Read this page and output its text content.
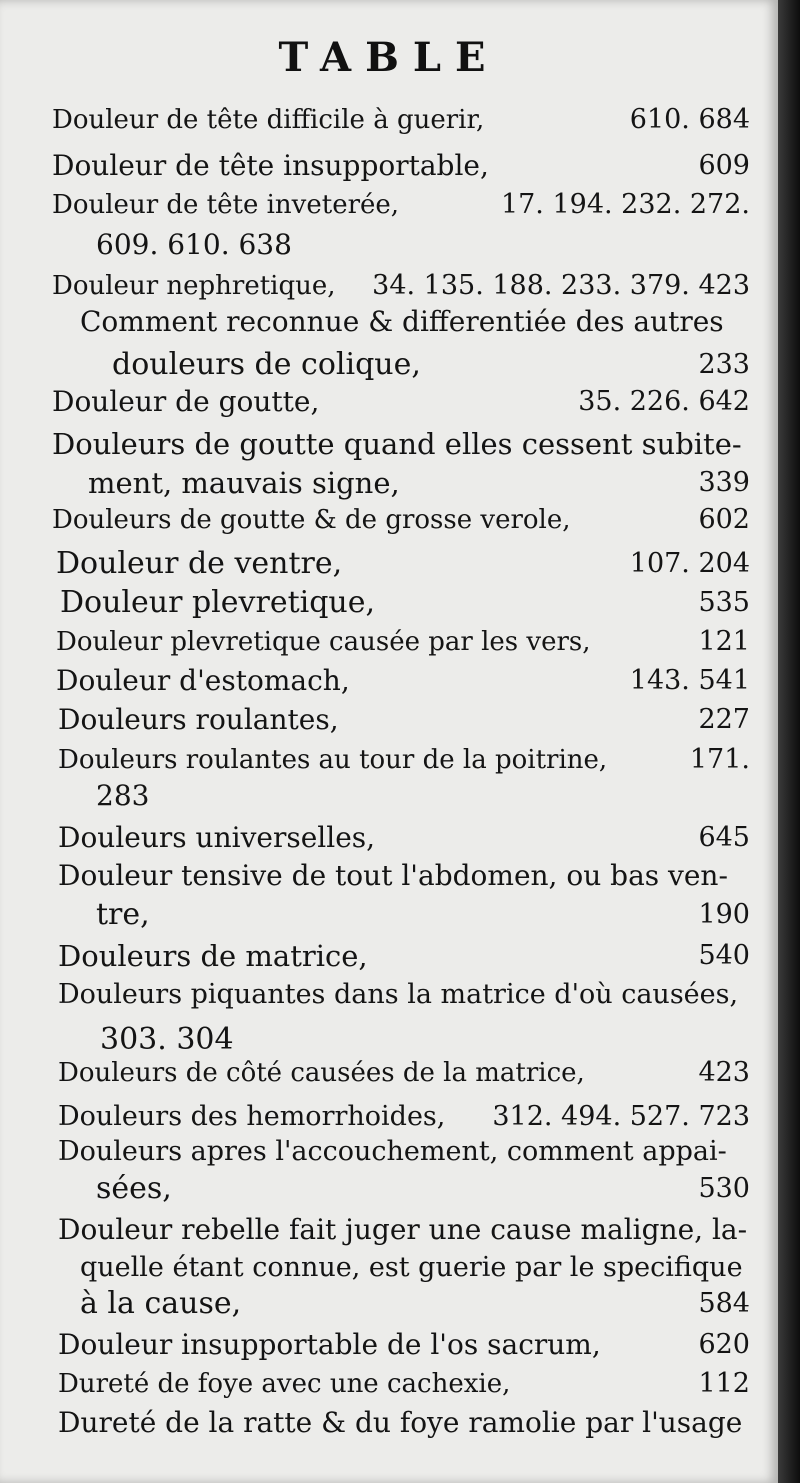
TABLE
Douleur de tête difficile à guerir,	610. 684
Douleur de tête insupportable,	609
Douleur de tête inveterée,	17. 194. 232. 272.
609. 610. 638
Douleur nephretique, 34. 135. 188. 233. 379. 423
Comment reconnue & differentiée des autres
douleurs de colique,	233
Douleur de goutte,	35. 226. 642
Douleurs de goutte quand elles cessent subite-
ment, mauvais signe,	339
Douleurs de goutte & de grosse verole,	602
Douleur de ventre,	107. 204
Douleur plevretique,	535
Douleur plevretique causée par les vers,	121
Douleur d'estomach,	143. 541
Douleurs roulantes,	227
Douleurs roulantes au tour de la poitrine,	171.
283
Douleurs universelles,	645
Douleur tensive de tout l'abdomen, ou bas ven-
tre,	190
Douleurs de matrice,	540
Douleurs piquantes dans la matrice d'où causées,
303. 304
Douleurs de côté causées de la matrice,	423
Douleurs des hemorrhoides, 312. 494. 527. 723
Douleurs apres l'accouchement, comment appai-
sées,	530
Douleur rebelle fait juger une cause maligne, la-
quelle étant connue, est guerie par le specifique
à la cause,	584
Douleur insupportable de l'os sacrum,	620
Dureté de foye avec une cachexie,	112
Dureté de la ratte & du foye ramolie par l'usage
